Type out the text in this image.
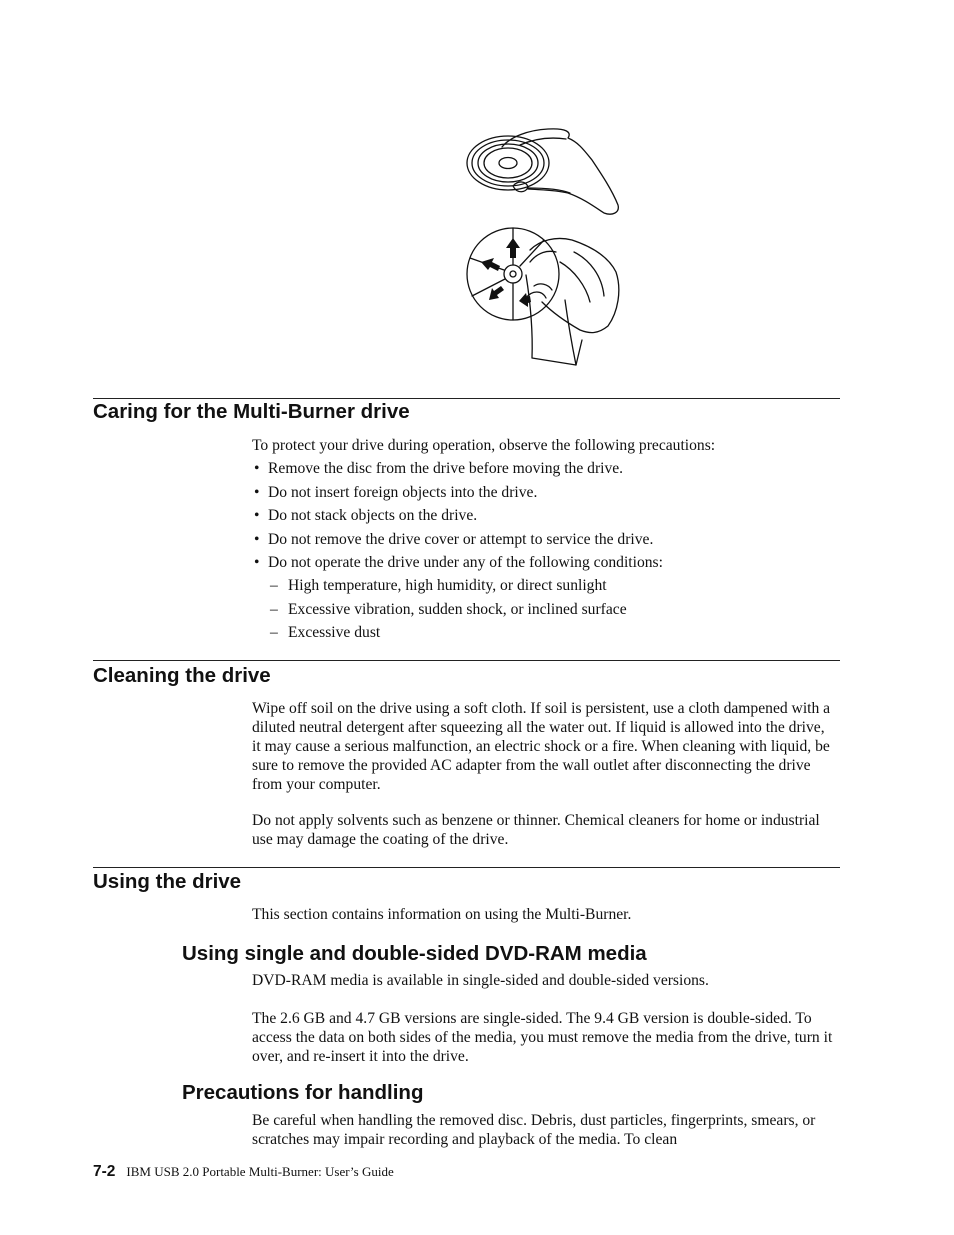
Caring for the Multi-Burner drive

To protect your drive during operation, observe the following precautions:

• Remove the disc from the drive before moving the drive.
• Do not insert foreign objects into the drive.
• Do not stack objects on the drive.
• Do not remove the drive cover or attempt to service the drive.
• Do not operate the drive under any of the following conditions:
– High temperature, high humidity, or direct sunlight
– Excessive vibration, sudden shock, or inclined surface
– Excessive dust
Cleaning the drive

Wipe off soil on the drive using a soft cloth. If soil is persistent, use a cloth dampened with a diluted neutral detergent after squeezing all the water out. If liquid is allowed into the drive, it may cause a serious malfunction, an electric shock or a fire. When cleaning with liquid, be sure to remove the provided AC adapter from the wall outlet after disconnecting the drive from your computer.

Do not apply solvents such as benzene or thinner. Chemical cleaners for home or industrial use may damage the coating of the drive.

Using the drive

This section contains information on using the Multi-Burner.

Using single and double-sided DVD-RAM media

DVD-RAM media is available in single-sided and double-sided versions.

The 2.6 GB and 4.7 GB versions are single-sided. The 9.4 GB version is double-sided. To access the data on both sides of the media, you must remove the media from the drive, turn it over, and re-insert it into the drive.

Precautions for handling

Be careful when handling the removed disc. Debris, dust particles, fingerprints, smears, or scratches may impair recording and playback of the media. To clean

7-2 IBM USB 2.0 Portable Multi-Burner: User’s Guide
